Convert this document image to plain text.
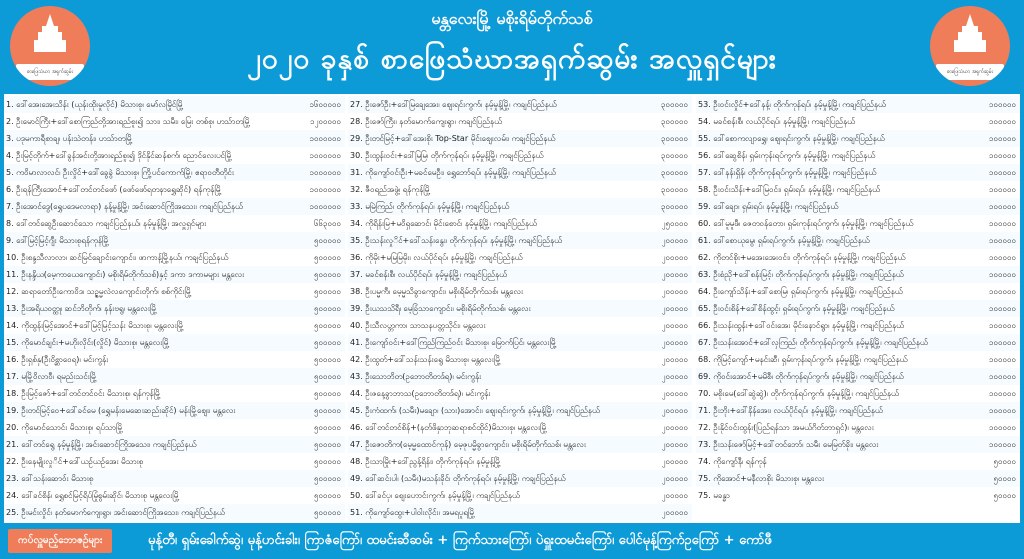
စာဖြေသံဃာ အရှက်ဆွမ်း
မန္တလေးမြို့ မစိုးရိမ်တိုက်သစ်
၂၀၂၀ ခုနှစ် စာဖြေသံဃာအရှက်ဆွမ်း အလှူရှင်များ	စာဖြေသံဃာ အရှက်ဆွမ်း
1. ဒေါ်အေးအေးသိန်း (ယုန်းထိုးမှုလိုင်) မိသားစု၊ မော်လမြိုင်မြို့	၁၆၀၀၀၀၀
2. ဦးမောင်ကြီး+ဒေါ်စောကြည်တို့အားရည်စူး၍ သား၊ သမီး၊ မြေး တစ်စု၊ ဟသ်ာတမြို့	၁၂၀၀၀၀၀
3. ပဒုမကာရီစာချ၊ ပန်းသဲတန်း၊ ဟသ်ာတမြို့	၁၀၀၀၀၀၀
4. ဦးမြင့်တိုက်+ဒေါ်ခွန်အင်းတို့အားရည်စူး၍ ဒိုင်နိုင်ဆန်စက်၊ ညောင်လေးပင်မြို့	၁၀၀၀၀၀၀
5. ကဝိမာလာလင်၊ ဦးလှိုင်+ဒေါ်ခွေခွဲ မိသားစု၊ ကြို့ပင်ကောက်မြို့၊ ဧရာဝတီတိုင်း	၁၀၀၀၀၀၀
6. ဦးရန်ကြီးအောင်+ဒေါ်တင်တင်ဖော် (ဖော်ဖော်ရတနာရွှေဆိုင်) ရန်ကုန်မြို့	၁၀၀၀၀၀၀
7. ဦးအောင်ဒွေ(ရွှေပဒေမလာရာ) နန့်မှုန့်မြို့၊ အင်းဆောင်ကြိုအသေး၊ ကချင်ပြည်နယ်	၁၀၀၀၀၀၀
8. ဒေါ်တင်ဆွေဦးဆောင်သော ကချင်ပြည်နယ်၊ နမ့်မှုန့်မြို့၊ အလှူရှင်များ	၆၆၃၀၀၀
9. ဒေါ်မြင့်မြင့်ဂျီး မိသားစုရန်ကုန်မြို့	၅၀၀၀၀၀
10. ဦးစန္ဒသီလာလာ၊ ဆင်မြင်ချောင်းကျောင်း၊ ဖာကာန့်မြို့နယ်၊ ကချင်ပြည်နယ်	၅၀၀၀၀၀
11. ဦးနန္ဒိယ(မေ့ကာယေကျောင်း) မစိုးရိမ်တိုက်သစ်)နှင့် ဒကာ ဒကာမများ မန္တလေး	၅၀၀၀၀၀
12. ဆရာတော်ဦးကောဝိဒ၊ သဉ္ဇမ္မလဲလကျောင်းတိုက်၊ စစ်ကိုင်းမြို့	၅၀၀၀၀၀
13. ဦးအရိယဝတ္ထု၊ ဆင်ဘိတိုက်၊ နန်းဗရွ၊ မန္တလေးမြို့	၅၀၀၀၀၀
14. ကိုထွန်းမြင့်အောင်+ဒေါ်မြင့်မြင့်သန်း မိသားစု၊ မန္တလေးမြို့	၅၀၀၀၀၀
15. ကိုမောင်ချင်း+မဟိုးလိုင်း(လှိုင်) မိသားစု၊ မန္တလေးမြို့	၅၀၀၀၀၀
16. ဦးရှစ်နှ(ဦးဝိစ္ဆာဝေရ)၊ မင်းကွန်း	၅၀၀၀၀၀
17. မမြို့ဝိလာဝီ၊ ရမည်းသင်းမြို့	၅၀၀၀၀၀
18. ဦးမြင့်ဇော်+ဒေါ်တင်တင်ဝင်း မိသားစု၊ ရန်ကုန်မြို့	၅၀၀၀၀၀
19. ဦးတင်မြင့်ဝေ+ဒေါ်ခင်မေ (ရွှေမန်းမေဆေးဆည်းဆိုင်) မန်းမြို့ဈေး၊ မန္တလေး	၅၀၀၀၀၀
20. ကိုမောင်သောင်း မိသားစု၊ ရပ်သာမြို့	၅၀၀၀၀၀
21. ဒေါ်တင်ရွေ နမ့်မှုန့်မြို့၊ အင်းဆောင်ကြိုအသေး၊ ကချင်ပြည်နယ်	၅၀၀၀၀၀
22. ဦးနေမျိုးလှုိင်+ဒေါ်ယဉ်ယဉ်အေး မိသားစု	၅၀၀၀၀၀
23. ဒေါ်သန်းဆောဝ်း မိသားစု	၅၀၀၀၀၀
24. ဒေါ်ခင်စိန်၊ ရွှေစင်မြင့်ရိပ်မြုံစွမ်းဆိုင်၊ မိသားစု မန္တလေးမြို့	၅၀၀၀၀၀
25. ဦးမင်းလှိုင်၊ နတ်မောက်ကျေးရွာ၊ အင်းဆောင်ကြိုအသေး၊ ကချင်ပြည်နယ်	၅၀၀၀၀၀
27. ဦးဇော်ဦး+ဒေါ်မြချေအေး၊ ဈေးရင်းကွက်၊ နမ့်မှုန့်မြို့၊ ကချင်ပြည်နယ်	၃၀၀၀၀၀
28. ဦးဇော်ကြီး၊ နတ်မောက်ကျေးရွာ၊ ကချင်ပြည်နယ်	၃၀၀၀၀၀
29. ဦးတင်မြင့်+ဒေါ်အေးစိုး Top-Star မိုင်းဈေးလမ်း၊ ကချင်ပြည်နယ်	၃၀၀၀၀၀
30. ဦးထွန်းဝင်း+ဒေါ်မြမြ၊ တိုက်ကုန်ရပ်၊ နမ့်မှုန့်မြို့၊ ကချင်ပြည်နယ်	၃၀၀၀၀၀
31. ကိုကျော်ဝင်းဦး+မခင်မေဦး၊ ရွှေဘော်ရပ်၊ နမ့်မှုန့်မြို့၊ ကချင်ပြည်နယ်	၃၀၀၀၀၀
32. ဇီဝရည်အဖွဲ့၊ ရန်ကုန်မြို့	၃၀၀၀၀၀
33. မမြဲကြည်၊ တိုက်ကုန်ရပ်၊ နမ့်မှုန့်မြို့၊ ကချင်ပြည်နယ်	၃၀၀၀၀၀
34. ကိုရိန်းမြ+မဝိရှဆောင်၊ မိုင်းစောင်၊ နမ့်မှုန့်မြို့၊ ကချင်ပြည်နယ်	၂၅၀၀၀၀
35. ဦးသန်းလှုိင်+ဒေါ်သန်းနွေး၊ တိုက်ကုန်ရပ်၊ နမ့်မှုန့်မြို့၊ ကချင်ပြည်နယ်	၂၀၀၀၀၀
36. ကိုမိုး+မမြမြမိုး၊ လယ်ပိုင်ရပ်၊ နမ့်မှုန့်မြို့၊ ကချင်ပြည်နယ်	၂၀၀၀၀၀
37. မခင်စန်းစီ၊ လယ်ပိုင်ရပ်၊ နမ့်မှုန့်မြို့၊ ကချင်ပြည်နယ်	၂၀၀၀၀၀
38. ဦးပမ္မကီ၊ မေ့မ္မသိခွာကျောင်း၊ မစိုးရိမ်တိုက်သစ်၊ မန္တလေး	၂၀၀၀၀၀
39. ဦးယသသိရီ၊ မေ့ခြံသာကျောင်း၊ မစိုးရိမ်တိုက်သစ်၊ မန္တလေး	၂၀၀၀၀၀
40. ဦးသီလဟ္ဘကာ၊ သာသနပတ္တသိုင်း၊ မန္တလေး	၂၀၀၀၀၀
41. ဦးကျော်ဝင်း+ဒေါ်ကြည်ကြည်ဝင်း မိသားစု၊ မြောက်ပြင်၊ မန္တလေးမြို့	၂၀၀၀၀၀
42. ဦးထွတ်+ဒေါ်သန်းသန်းရွေ မိသားစု၊ မန္တလေးမြို့	၂၀၀၀၀၀
43. ဦးသောဘိတ(ဥဘောတိတဒ်ရ)၊ မင်းကွန်း	၂၀၀၀၀၀
44. ဦးဇနေ့ခွာဘာသ(ဥဘောတိတဒ်ရ)၊ မင်းကွန်း	၂၀၀၀၀၀
45. ဦးကံထက်၊ (သမီး)မချော၊ (သား)အောင်း၊ ဈေးရင်းကွက်၊ နမ့်မှုန့်မြို့၊ ကချင်ပြည်နယ်	၂၀၀၀၀၀
46. ဒေါ်တင်တင်စိန်+(နတ်ဖိနှာဘုဆရာစင်ထိုင်)မိသားစု၊ မန္တလေးမြို့	၂၀၀၀၀၀
47. ဦးဇောတိက(မေ့မ္မထောင်ကုန်) မေ့ဇုပမ္မိခွာကျောင်း၊ မစိုးရိမ်တိုက်သစ်၊ မန္တလေး	၂၀၀၀၀၀
48. ဦးသာမြိုး+ဒေါ်ညွန့်ရိန်း၊ တိုက်ကုန်ရပ်၊ နမ့်မှုန့်မြို့	၂၀၀၀၀၀
49. ဒေါ်ဆင်းပါ၊ (သမီး)မသန်းခိုင်၊ တိုက်ကုန်ရပ်၊ နမ့်မှုန့်မြို့၊ ကချင်ပြည်နယ်	၂၀၀၀၀၀
50. ဒေါ်ခင်ပု၊ ဈေးဟောင်းကွက်၊ နမ့်မှုန့်မြို့၊ ကချင်ပြည်နယ်	၂၀၀၀၀၀
51. ကိုကျော်ထွေး+ပါဝါးလိုင်း၊ အမရပူရမြို့	၂၀၀၀၀၀
53. ဦးဝင်းလှိုင်+ဒေါ်နန့်၊ တိုက်ကုန်ရပ်၊ နမ့်မှုန့်မြို့၊ ကချင်ပြည်နယ်	၁၀၀၀၀၀
54. မခင်စန်းစီ၊ လယ်ပိုင်ရပ်၊ နမ့်မှုန့်မြို့၊ ကချင်ပြည်နယ်	၁၀၀၀၀၀
55. ဒေါ်စောကလျာရွှေ၊ ဈေးရင်းကွက်၊ နမ့်မှုန့်မြို့၊ ကချင်ပြည်နယ်	၁၀၀၀၀၀
56. ဒေါ်ဆွေစိန်၊ ရှမ်းကုန်းရပ်ကွက်၊ နမ့်မှုန့်မြို့၊ ကချင်ပြည်နယ်	၁၀၀၀၀၀
57. ဒေါ်နန်းရှိန်၊ တိုက်ကုန်ရပ်ကွက်၊ နမ့်မှုန့်မြို့၊ ကချင်ပြည်နယ်	၁၀၀၀၀၀
58. ဦးဝင်းသိန်း+ဒေါ်မြဝင်း၊ ရှမ်းရပ်၊ နမ့်မှုန့်မြို့၊ ကချင်ပြည်နယ်	၁၀၀၀၀၀
59. ဒေါ်ချော၊ ရှမ်းရပ်၊ နမ့်မှုန့်မြို့၊ ကချင်ပြည်နယ်	၁၀၀၀၀၀
60. ဒေါ်မူမူဖီ၊ ဇေတဝန်တော၊ ရှမ်းကုန်းရပ်ကွက်၊ နမ့်မှုန့်မြို့၊ ကချင်ပြည်နယ်	၁၀၀၀၀၀
61. ဒေါ်စောယုမွေ၊ ရှမ်းရပ်ကွက်၊ နမ့်မှုန့်မြို့၊ ကချင်ပြည်နယ်	၁၀၀၀၀၀
62. ကိုတင်စိုး+မအေးအေးဝင်း၊ တိုက်ကုန်ရပ်၊ နမ့်မှုန့်မြို့၊ ကချင်ပြည်နယ်	၁၀၀၀၀၀
63. ဦးစံညို+ဒေါ်စန်းမြင့်၊ တိုက်ကုန်ရပ်ကွက်၊ နမ့်မှုန့်မြို့၊ ကချင်ပြည်နယ်	၁၀၀၀၀၀
64. ဦးကျော်သိန်း+ဒေါ်စောမြ၊ ရှမ်းရပ်ကွက်၊ နမ့်မှုန့်မြို့၊ ကချင်ပြည်နယ်	၁၀၀၀၀၀
65. ဦးဝင်းစိန်+ဒေါ်စိန်ထွင့်၊ ရှမ်းရပ်ကွက်၊ နမ့်မှုန့်မြို့၊ ကချင်ပြည်နယ်	၁၀၀၀၀၀
66. ဦးသန်းထွန်း+ဒေါ်ဝင်းအေး မိုင်းနောင်ရွာ၊ နမ့်မှုန့်မြို့၊ ကချင်ပြည်နယ်	၁၀၀၀၀၀
67. ဦးသန်းအောင်+ဒေါ်လှကြည်၊ တိုက်ကုန်ရပ်ကွက်၊ နမ့်မှုန့်မြို့၊ ကချင်ပြည်နယ်	၁၀၀၀၀၀
68. ကိုမြင့်ကျော်+မနင်းဆီ၊ ရှမ်းကုန်းရပ်ကွက်၊ နမ့်မှုန့်မြို့၊ ကချင်ပြည်နယ်	၁၀၀၀၀၀
69. ကိုဝင်းအောင်+မမိစီ၊ တိုက်ကုန်ရပ်ကွက်၊ နမ့်မှုန့်မြို့၊ ကချင်ပြည်နယ်	၁၀၀၀၀၀
70. မစိုးမေ(ဒေါ်ဆွဲဆွဲ)၊ တိုက်ကုန်ရပ်ကွက်၊ နမ့်မှုန့်မြို့၊ ကချင်ပြည်နယ်	၁၀၀၀၀၀
71. ဦးဘိုး+ဒေါ်နိန်အေး၊ လယ်ပိုင်ရပ်၊ နမ့်မှုန့်မြို့၊ ကချင်ပြည်နယ်	၁၀၀၀၀၀
72. ဦးနိုင်ဝင်းထွန်း(ပြည်ရန်သာ အမယ်ဂိတ်ဘာရှင်)၊ မန္တလေး	၁၀၀၀၀၀
73. ဦးသန်းဇော်မြင့်+ဒေါ်တင်ဘော်၊ သမီး မေမြတ်ခိုး၊ မန္တလေး	၁၀၀၀၀၀
74. ကိုကျော်နီ၊ ရန်ကုန်	၅၀၀၀၀
75. ကိုအောင်+မနီလာစိုး မိသားစု၊ မန္တလေး	၅၀၀၀၀
75. မခန္ဓာ	၅၀၀၀၀
ကပ်လှူမည့်ဘောဇဉ်များ	မုန့်တီ၊ ရှမ်းခေါက်ဆွဲ၊ မုန့်ဟင်းခါး၊ ကြာဇံကြော်၊ ထမင်းဆီဆမ်း + ကြက်သားကြော်၊ ပဲရှူးထမင်းကြော်၊ ပေါင်မုန့်ကြက်ဥကြော် + ကော်ဖီ
